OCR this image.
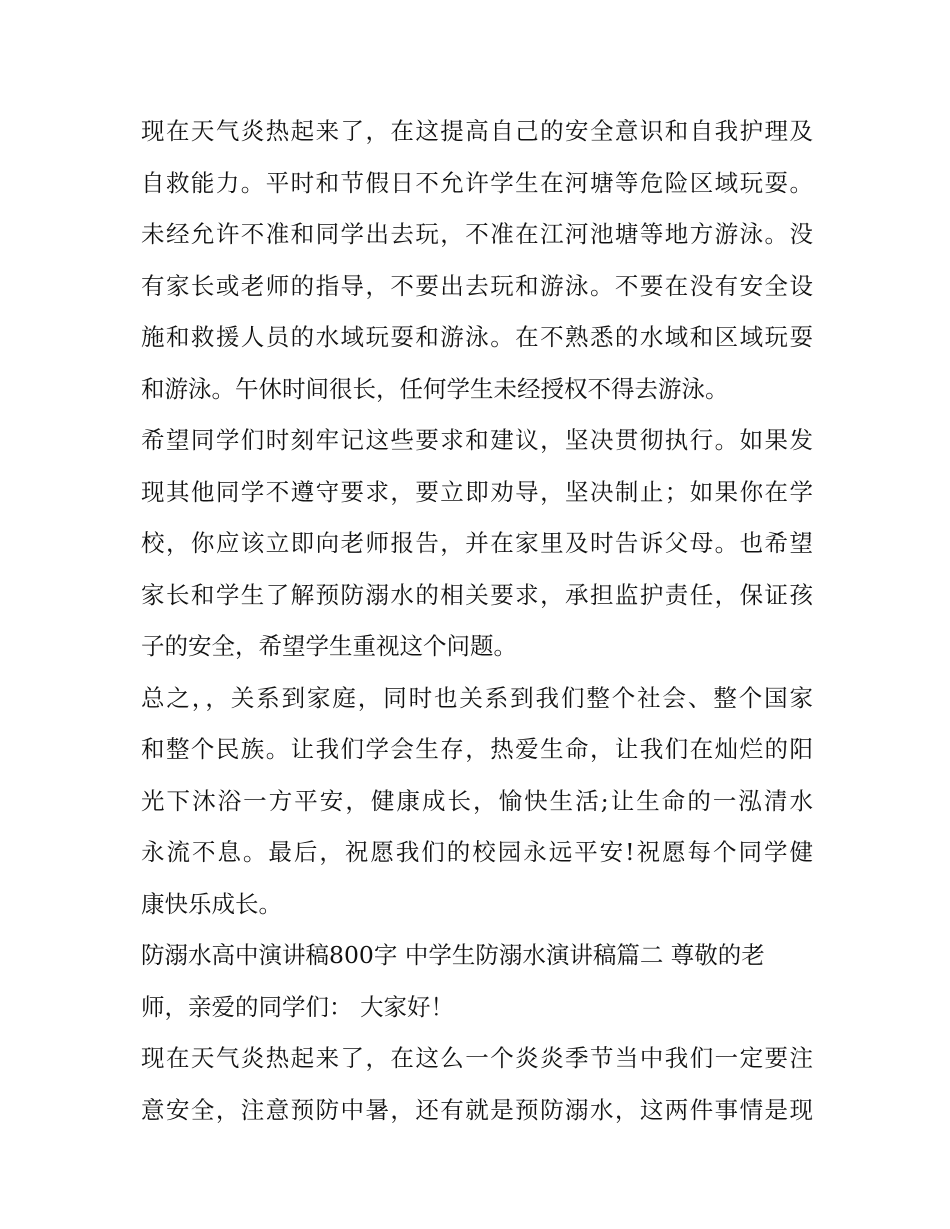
现在天气炎热起来了，在这提高自己的安全意识和自我护理及
自救能力。平时和节假日不允许学生在河塘等危险区域玩耍。
未经允许不准和同学出去玩，不准在江河池塘等地方游泳。没
有家长或老师的指导，不要出去玩和游泳。不要在没有安全设
施和救援人员的水域玩耍和游泳。在不熟悉的水域和区域玩耍
和游泳。午休时间很长，任何学生未经授权不得去游泳。
希望同学们时刻牢记这些要求和建议，坚决贯彻执行。如果发
现其他同学不遵守要求，要立即劝导，坚决制止；如果你在学
校，你应该立即向老师报告，并在家里及时告诉父母。也希望
家长和学生了解预防溺水的相关要求，承担监护责任，保证孩
子的安全，希望学生重视这个问题。
总之，，关系到家庭，同时也关系到我们整个社会、整个国家
和整个民族。让我们学会生存，热爱生命，让我们在灿烂的阳
光下沐浴一方平安，健康成长，愉快生活;让生命的一泓清水
永流不息。最后，祝愿我们的校园永远平安!祝愿每个同学健
康快乐成长。
防溺水高中演讲稿800字 中学生防溺水演讲稿篇二 尊敬的老
师，亲爱的同学们： 大家好！
现在天气炎热起来了，在这么一个炎炎季节当中我们一定要注
意安全，注意预防中暑，还有就是预防溺水，这两件事情是现
